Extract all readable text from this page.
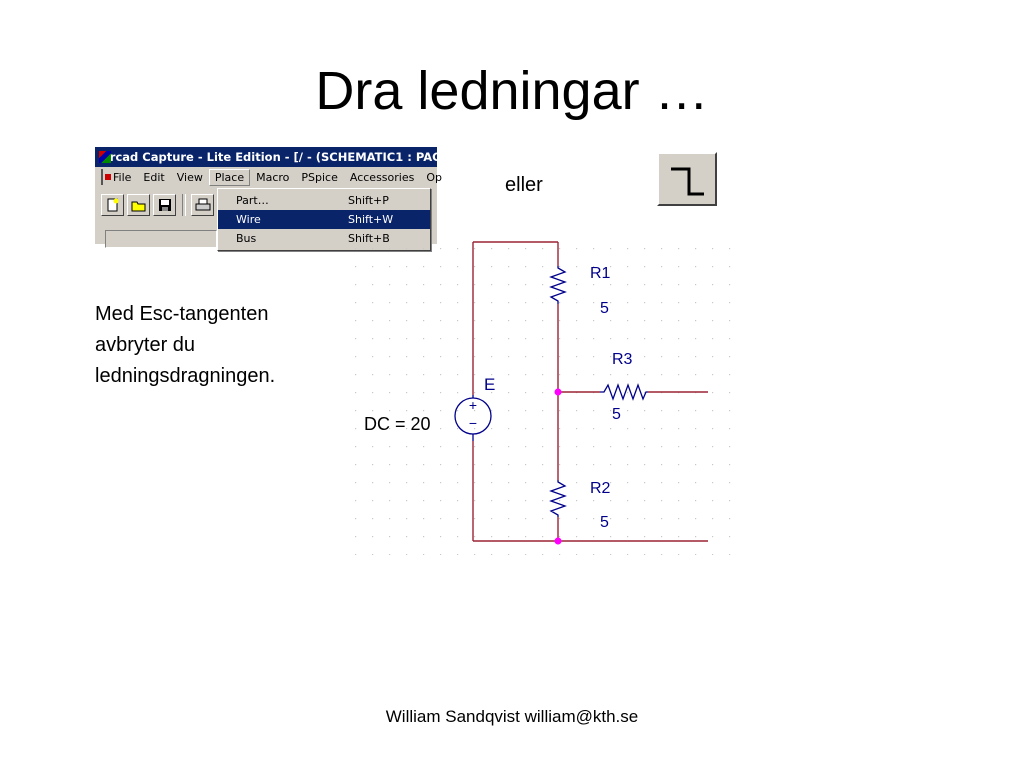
Dra ledningar …
Orcad Capture - Lite Edition - [/ - (SCHEMATIC1 : PAGE
File	Edit	View	Place	Macro	PSpice	Accessories	Op
Part…	Shift+P
Wire	Shift+W
Bus	Shift+B
eller
Med Esc-tangenten
avbryter du
ledningsdragningen.
+
−
R1
5
R3
5
R2
5
E
DC = 20
William Sandqvist william@kth.se
